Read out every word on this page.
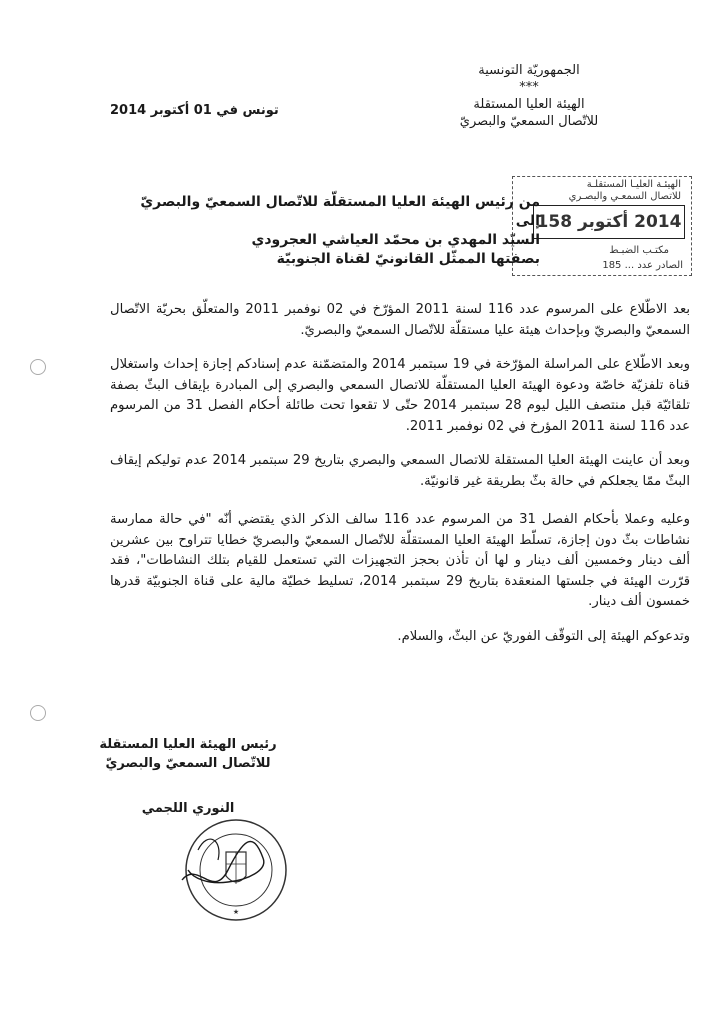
الجمهوريّة التونسية
***
الهيئة العليا المستقلة
للاتّصال السمعيّ والبصريّ
تونس في 01 أكتوبر 2014
الهيئـة العليـا المستقلـة
للاتصال السمعـي والبصـري
2014 أكتوبر 158
مكتـب الضبـط
الصادر عدد ... 185
من رئيس الهيئة العليا المستقلّة للاتّصال السمعيّ والبصريّ
إلى
السيّد المهدي بن محمّد العياشي العجرودي
بصفتها الممثّل القانونيّ لقناة الجنوبيّة

بعد الاطّلاع على المرسوم عدد 116 لسنة 2011 المؤرّخ في 02 نوفمبر 2011 والمتعلّق بحريّة الاتّصال السمعيّ والبصريّ وبإحداث هيئة عليا مستقلّة للاتّصال السمعيّ والبصريّ.

وبعد الاطّلاع على المراسلة المؤرّخة في 19 سبتمبر 2014 والمتضمّنة عدم إسنادكم إجازة إحداث واستغلال قناة تلفزيّة خاصّة ودعوة الهيئة العليا المستقلّة للاتصال السمعي والبصري إلى المبادرة بإيقاف البثّ بصفة تلقائيّة قبل منتصف الليل ليوم 28 سبتمبر 2014 حتّى لا تقعوا تحت طائلة أحكام الفصل 31 من المرسوم عدد 116 لسنة 2011 المؤرخ في 02 نوفمبر 2011.

وبعد أن عاينت الهيئة العليا المستقلة للاتصال السمعي والبصري بتاريخ 29 سبتمبر 2014 عدم توليكم إيقاف البثّ ممّا يجعلكم في حالة بثّ بطريقة غير قانونيّة.

وعليه وعملا بأحكام الفصل 31 من المرسوم عدد 116 سالف الذكر الذي يقتضي أنّه "في حالة ممارسة نشاطات بثّ دون إجازة، تسلّط الهيئة العليا المستقلّة للاتّصال السمعيّ والبصريّ خطايا تتراوح بين عشرين ألف دينار وخمسين ألف دينار و لها أن تأذن بحجز التجهيزات التي تستعمل للقيام بتلك النشاطات"، فقد قرّرت الهيئة في جلستها المنعقدة بتاريخ 29 سبتمبر 2014، تسليط خطيّة مالية على قناة الجنوبيّة قدرها خمسون ألف دينار.

وتدعوكم الهيئة إلى التوقّف الفوريّ عن البثّ، والسلام.

رئيس الهيئة العليا المستقلة
للاتّصال السمعيّ والبصريّ
النوري اللجمي
★
